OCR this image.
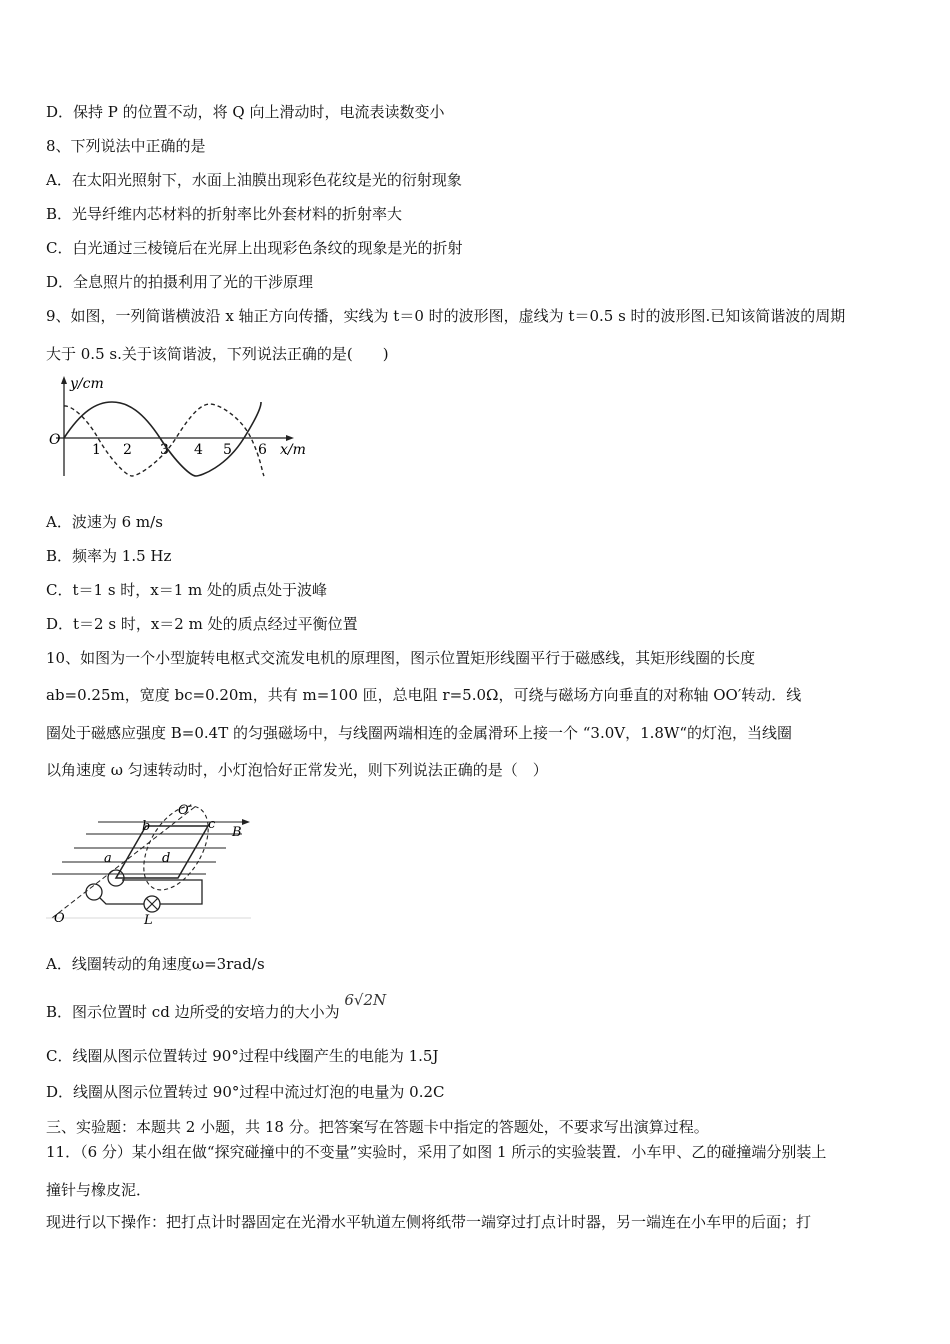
D．保持 P 的位置不动，将 Q 向上滑动时，电流表读数变小
8、下列说法中正确的是
A．在太阳光照射下，水面上油膜出现彩色花纹是光的衍射现象
B．光导纤维内芯材料的折射率比外套材料的折射率大
C．白光通过三棱镜后在光屏上出现彩色条纹的现象是光的折射
D．全息照片的拍摄利用了光的干涉原理
9、如图，一列简谐横波沿 x 轴正方向传播，实线为 t＝0 时的波形图，虚线为 t＝0.5 s 时的波形图.已知该简谐波的周期
大于 0.5 s.关于该简谐波，下列说法正确的是(　　)
y/cm
x/m
O
1 2 3 4 5 6
A．波速为 6 m/s
B．频率为 1.5 Hz
C．t＝1 s 时，x＝1 m 处的质点处于波峰
D．t＝2 s 时，x＝2 m 处的质点经过平衡位置
10、如图为一个小型旋转电枢式交流发电机的原理图，图示位置矩形线圈平行于磁感线，其矩形线圈的长度
ab=0.25m，宽度 bc=0.20m，共有 m=100 匝，总电阻 r=5.0Ω，可绕与磁场方向垂直的对称轴 OO′转动．线
圈处于磁感应强度 B=0.4T 的匀强磁场中，与线圈两端相连的金属滑环上接一个 “3.0V，1.8W“的灯泡，当线圈
以角速度 ω 匀速转动时，小灯泡恰好正常发光，则下列说法正确的是（　）
O′
b	c
B
a	d
O	L
A．线圈转动的角速度ω=3rad/s
B．图示位置时 cd 边所受的安培力的大小为 6√2N
C．线圈从图示位置转过 90°过程中线圈产生的电能为 1.5J
D．线圈从图示位置转过 90°过程中流过灯泡的电量为 0.2C
三、实验题：本题共 2 小题，共 18 分。把答案写在答题卡中指定的答题处，不要求写出演算过程。
11．（6 分）某小组在做“探究碰撞中的不变量”实验时，采用了如图 1 所示的实验装置．小车甲、乙的碰撞端分别装上
撞针与橡皮泥．
现进行以下操作：把打点计时器固定在光滑水平轨道左侧将纸带一端穿过打点计时器，另一端连在小车甲的后面；打
